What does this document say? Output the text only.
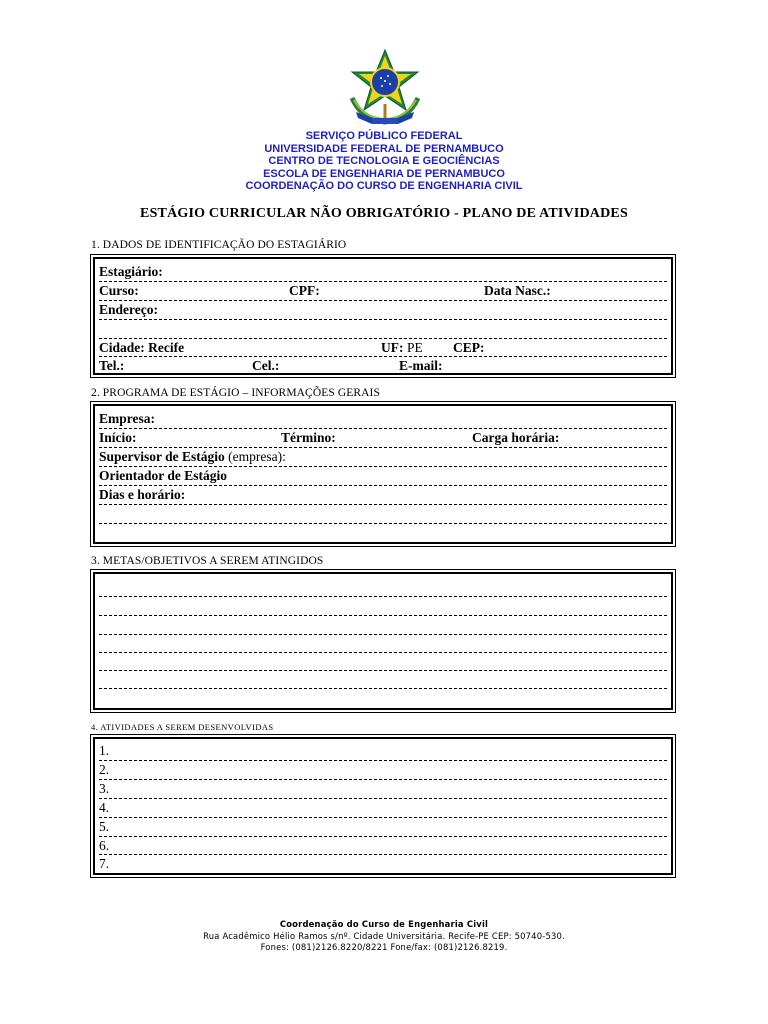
SERVIÇO PÚBLICO FEDERAL
UNIVERSIDADE FEDERAL DE PERNAMBUCO
CENTRO DE TECNOLOGIA E GEOCIÊNCIAS
ESCOLA DE ENGENHARIA DE PERNAMBUCO
COORDENAÇÃO DO CURSO DE ENGENHARIA CIVIL
ESTÁGIO CURRICULAR NÃO OBRIGATÓRIO - PLANO DE ATIVIDADES
1. DADOS DE IDENTIFICAÇÃO DO ESTAGIÁRIO
Estagiário:
Curso:	CPF:	Data Nasc.:
Endereço:
Cidade: Recife	UF: PE CEP:
Tel.:	Cel.:	E-mail:
2. PROGRAMA DE ESTÁGIO – INFORMAÇÕES GERAIS
Empresa:
Início:	Término:	Carga horária:
Supervisor de Estágio (empresa):
Orientador de Estágio
Dias e horário:
3. METAS/OBJETIVOS A SEREM ATINGIDOS
4. ATIVIDADES A SEREM DESENVOLVIDAS
1.
2.
3.
4.
5.
6.
7.
Coordenação do Curso de Engenharia Civil
Rua Acadêmico Hélio Ramos s/nº. Cidade Universitária. Recife-PE CEP: 50740-530.
Fones: (081)2126.8220/8221 Fone/fax: (081)2126.8219.
